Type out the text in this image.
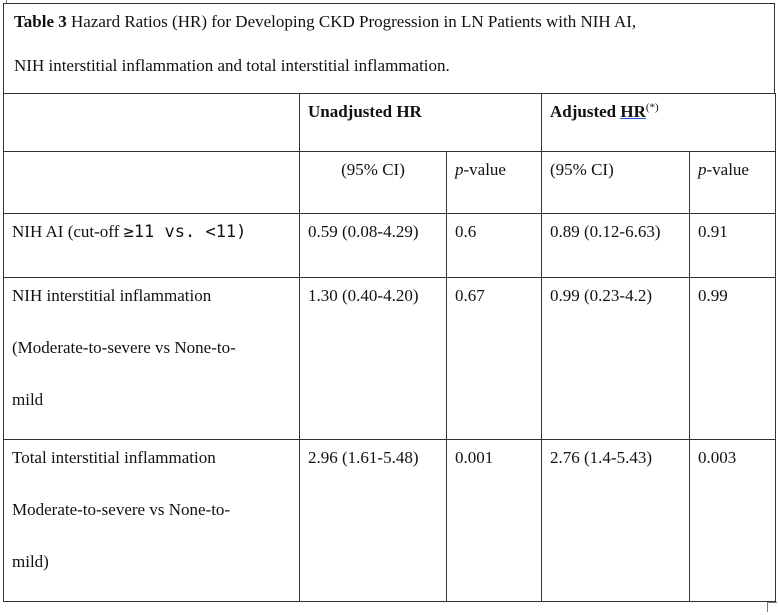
Table 3 Hazard Ratios (HR) for Developing CKD Progression in LN Patients with NIH AI,
NIH interstitial inflammation and total interstitial inflammation.
	Unadjusted HR		Adjusted HR(*)
	(95% CI)	p-value	(95% CI)	p-value
NIH AI (cut-off ≥11 vs. <11)	0.59 (0.08-4.29)	0.6	0.89 (0.12-6.63)	0.91
NIH interstitial inflammation
(Moderate-to-severe vs None-to-
mild	1.30 (0.40-4.20)	0.67	0.99 (0.23-4.2)	0.99
Total interstitial inflammation
Moderate-to-severe vs None-to-
mild)	2.96 (1.61-5.48)	0.001	2.76 (1.4-5.43)	0.003
